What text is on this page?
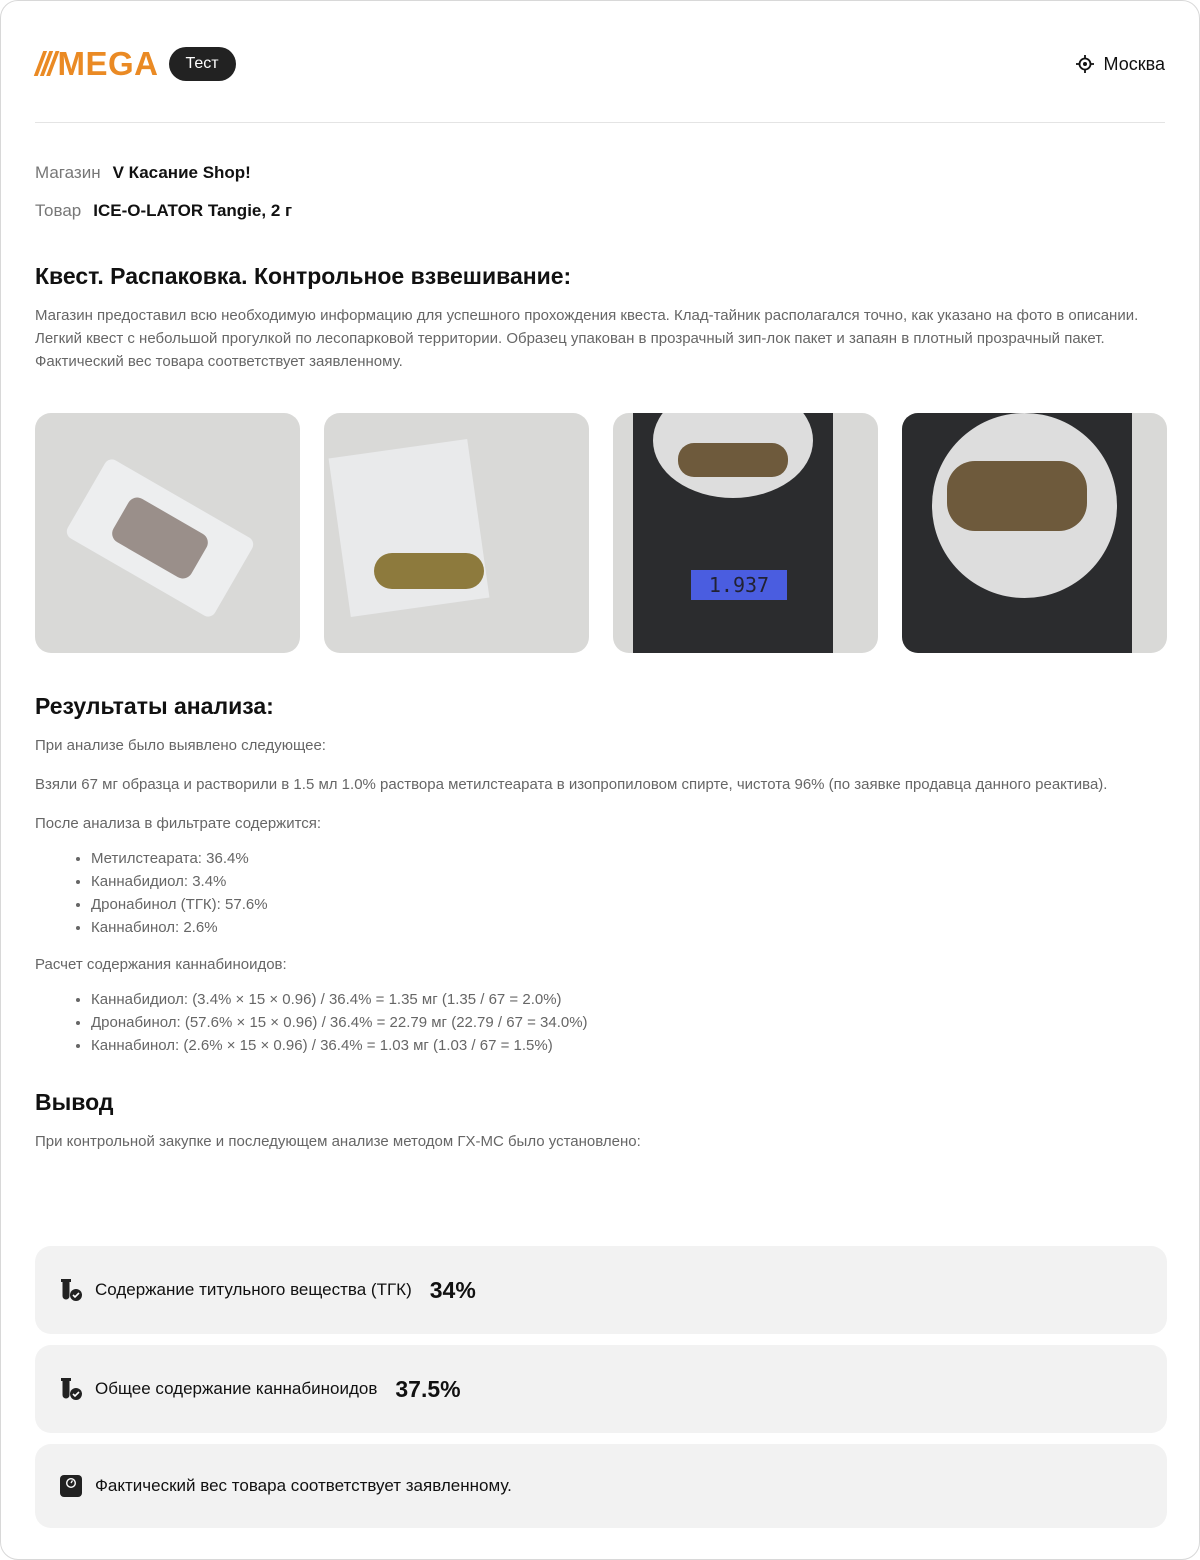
/// MEGA	Тест	Москва
Магазин V Касание Shop!
Товар ICE-O-LATOR Tangie, 2 г
Квест. Распаковка. Контрольное взвешивание:

Магазин предоставил всю необходимую информацию для успешного прохождения квеста. Клад-тайник располагался точно, как указано на фото в описании. Легкий квест с небольшой прогулкой по лесопарковой территории. Образец упакован в прозрачный зип-лок пакет и запаян в плотный прозрачный пакет. Фактический вес товара соответствует заявленному.

1.937
Результаты анализа:

При анализе было выявлено следующее:

Взяли 67 мг образца и растворили в 1.5 мл 1.0% раствора метилстеарата в изопропиловом спирте, чистота 96% (по заявке продавца данного реактива).

После анализа в фильтрате содержится:

• Метилстеарата: 36.4%
• Каннабидиол: 3.4%
• Дронабинол (ТГК): 57.6%
• Каннабинол: 2.6%

Расчет содержания каннабиноидов:

• Каннабидиол: (3.4% × 15 × 0.96) / 36.4% = 1.35 мг (1.35 / 67 = 2.0%)
• Дронабинол: (57.6% × 15 × 0.96) / 36.4% = 22.79 мг (22.79 / 67 = 34.0%)
• Каннабинол: (2.6% × 15 × 0.96) / 36.4% = 1.03 мг (1.03 / 67 = 1.5%)
Вывод

При контрольной закупке и последующем анализе методом ГХ-МС было установлено:

Содержание титульного вещества (ТГК) 34%
Общее содержание каннабиноидов 37.5%
Фактический вес товара соответствует заявленному.
